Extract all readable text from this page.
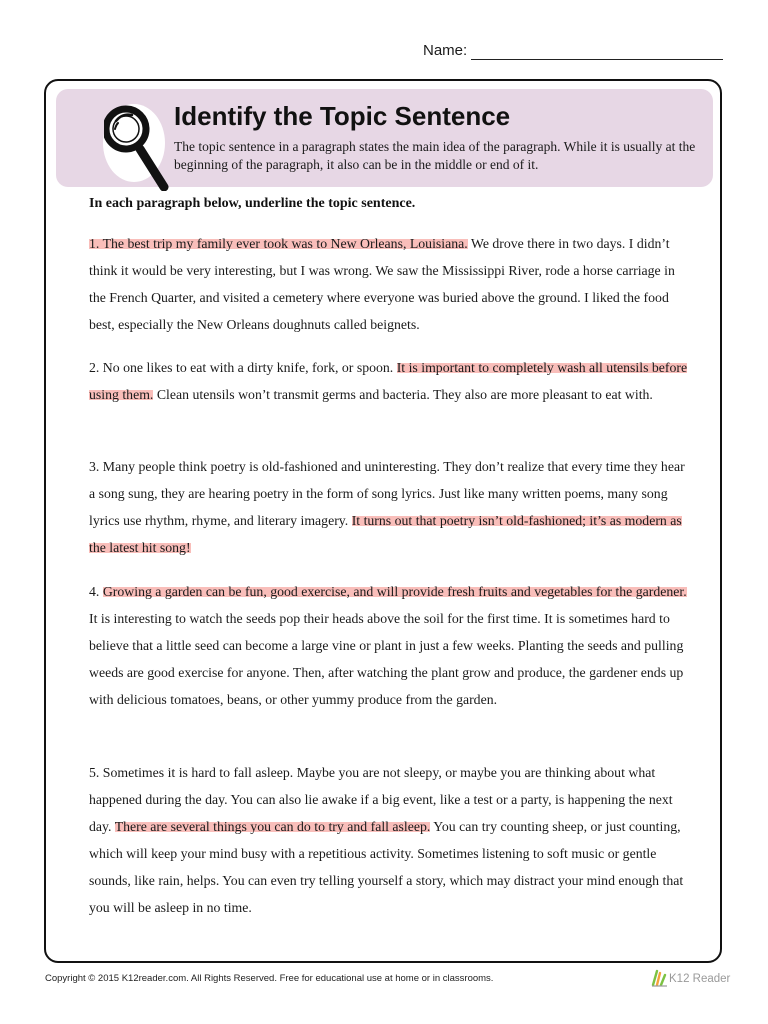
Name:
Identify the Topic Sentence

The topic sentence in a paragraph states the main idea of the paragraph. While it is usually at the beginning of the paragraph, it also can be in the middle or end of it.

In each paragraph below, underline the topic sentence.

1. The best trip my family ever took was to New Orleans, Louisiana. We drove there in two days. I didn’t think it would be very interesting, but I was wrong. We saw the Mississippi River, rode a horse carriage in the French Quarter, and visited a cemetery where everyone was buried above the ground. I liked the food best, especially the New Orleans doughnuts called beignets.

2. No one likes to eat with a dirty knife, fork, or spoon. It is important to completely wash all utensils before using them. Clean utensils won’t transmit germs and bacteria. They also are more pleasant to eat with.

3. Many people think poetry is old-fashioned and uninteresting. They don’t realize that every time they hear a song sung, they are hearing poetry in the form of song lyrics. Just like many written poems, many song lyrics use rhythm, rhyme, and literary imagery. It turns out that poetry isn’t old-fashioned; it’s as modern as the latest hit song!

4. Growing a garden can be fun, good exercise, and will provide fresh fruits and vegetables for the gardener. It is interesting to watch the seeds pop their heads above the soil for the first time. It is sometimes hard to believe that a little seed can become a large vine or plant in just a few weeks. Planting the seeds and pulling weeds are good exercise for anyone. Then, after watching the plant grow and produce, the gardener ends up with delicious tomatoes, beans, or other yummy produce from the garden.

5. Sometimes it is hard to fall asleep. Maybe you are not sleepy, or maybe you are thinking about what happened during the day. You can also lie awake if a big event, like a test or a party, is happening the next day. There are several things you can do to try and fall asleep. You can try counting sheep, or just counting, which will keep your mind busy with a repetitious activity. Sometimes listening to soft music or gentle sounds, like rain, helps. You can even try telling yourself a story, which may distract your mind enough that you will be asleep in no time.

Copyright © 2015 K12reader.com. All Rights Reserved. Free for educational use at home or in classrooms.	K12 Reader
